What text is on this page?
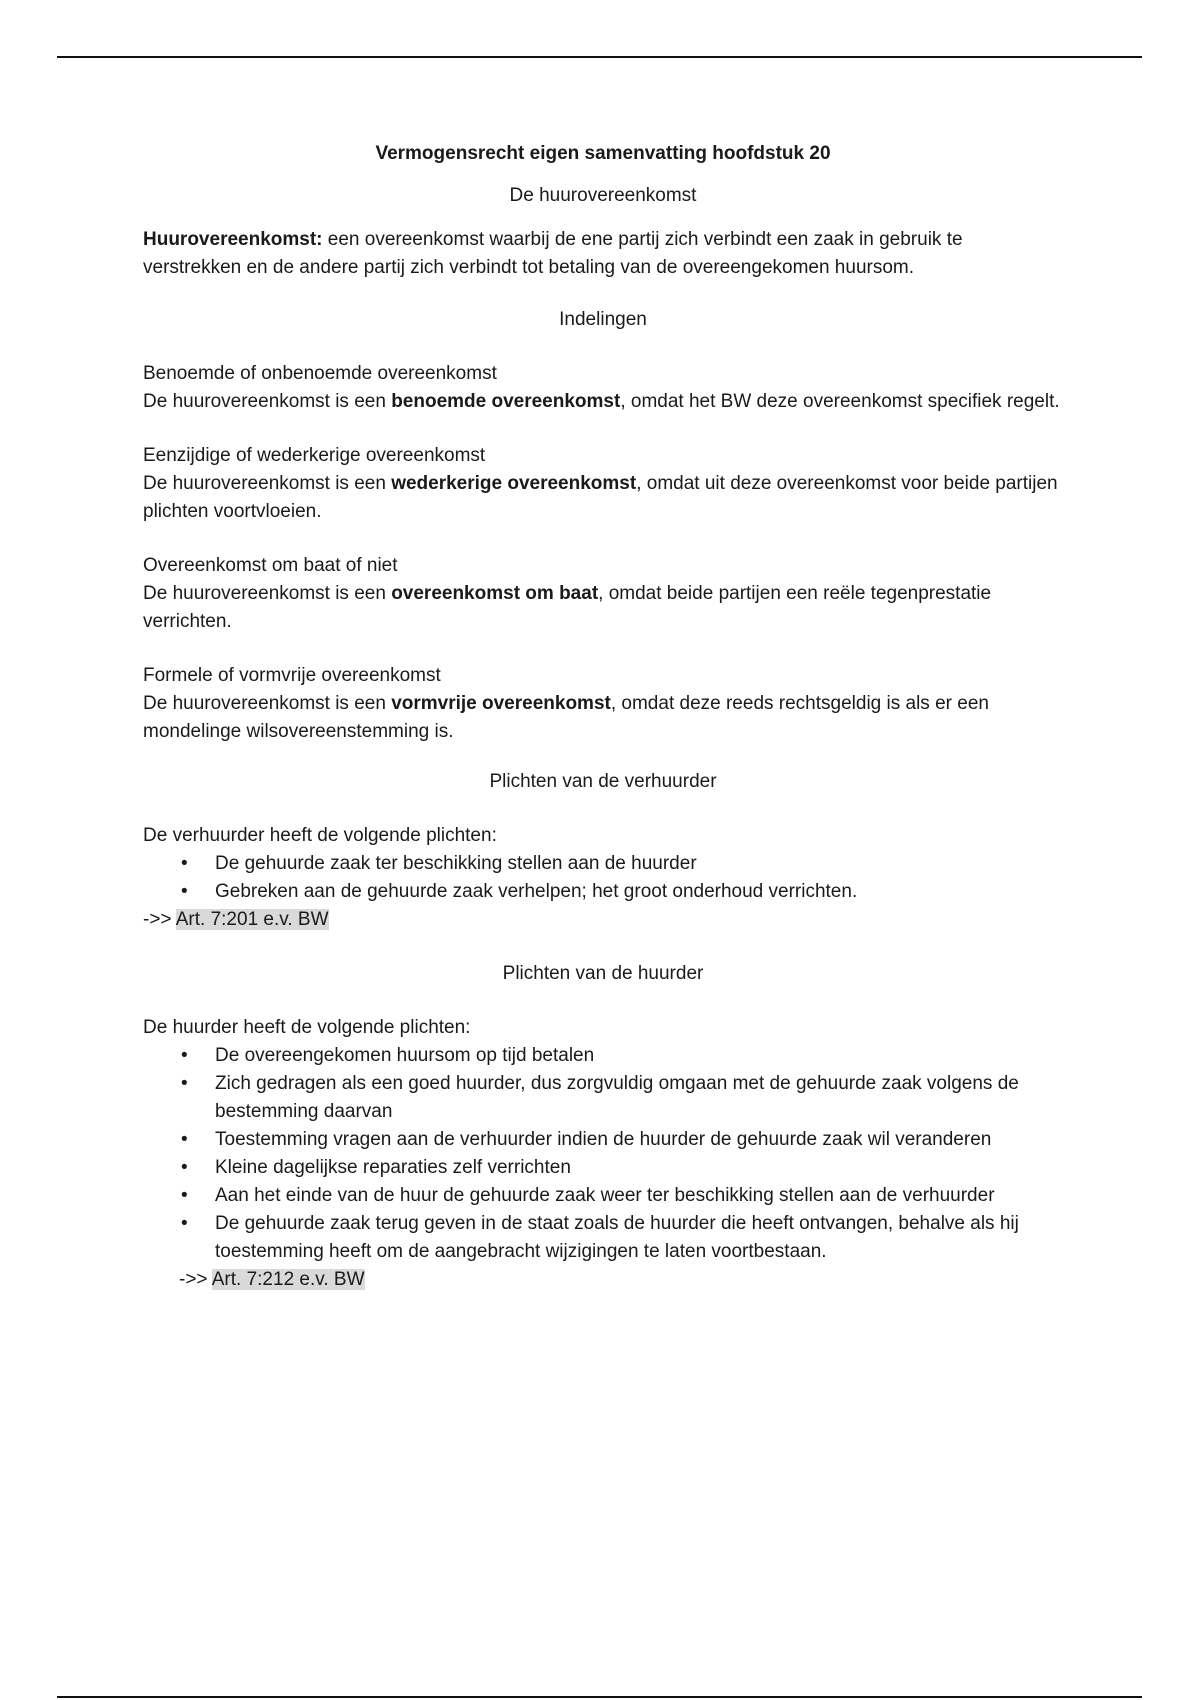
Vermogensrecht eigen samenvatting hoofdstuk 20

De huurovereenkomst

Huurovereenkomst: een overeenkomst waarbij de ene partij zich verbindt een zaak in gebruik te verstrekken en de andere partij zich verbindt tot betaling van de overeengekomen huursom.

Indelingen

Benoemde of onbenoemde overeenkomst

De huurovereenkomst is een benoemde overeenkomst, omdat het BW deze overeenkomst specifiek regelt.

Eenzijdige of wederkerige overeenkomst

De huurovereenkomst is een wederkerige overeenkomst, omdat uit deze overeenkomst voor beide partijen plichten voortvloeien.

Overeenkomst om baat of niet

De huurovereenkomst is een overeenkomst om baat, omdat beide partijen een reële tegenprestatie verrichten.

Formele of vormvrije overeenkomst

De huurovereenkomst is een vormvrije overeenkomst, omdat deze reeds rechtsgeldig is als er een mondelinge wilsovereenstemming is.

Plichten van de verhuurder

De verhuurder heeft de volgende plichten:

• De gehuurde zaak ter beschikking stellen aan de huurder
• Gebreken aan de gehuurde zaak verhelpen; het groot onderhoud verrichten.

->> Art. 7:201 e.v. BW

Plichten van de huurder

De huurder heeft de volgende plichten:

• De overeengekomen huursom op tijd betalen
• Zich gedragen als een goed huurder, dus zorgvuldig omgaan met de gehuurde zaak volgens de bestemming daarvan
• Toestemming vragen aan de verhuurder indien de huurder de gehuurde zaak wil veranderen
• Kleine dagelijkse reparaties zelf verrichten
• Aan het einde van de huur de gehuurde zaak weer ter beschikking stellen aan de verhuurder
• De gehuurde zaak terug geven in de staat zoals de huurder die heeft ontvangen, behalve als hij toestemming heeft om de aangebracht wijzigingen te laten voortbestaan.

->> Art. 7:212 e.v. BW
